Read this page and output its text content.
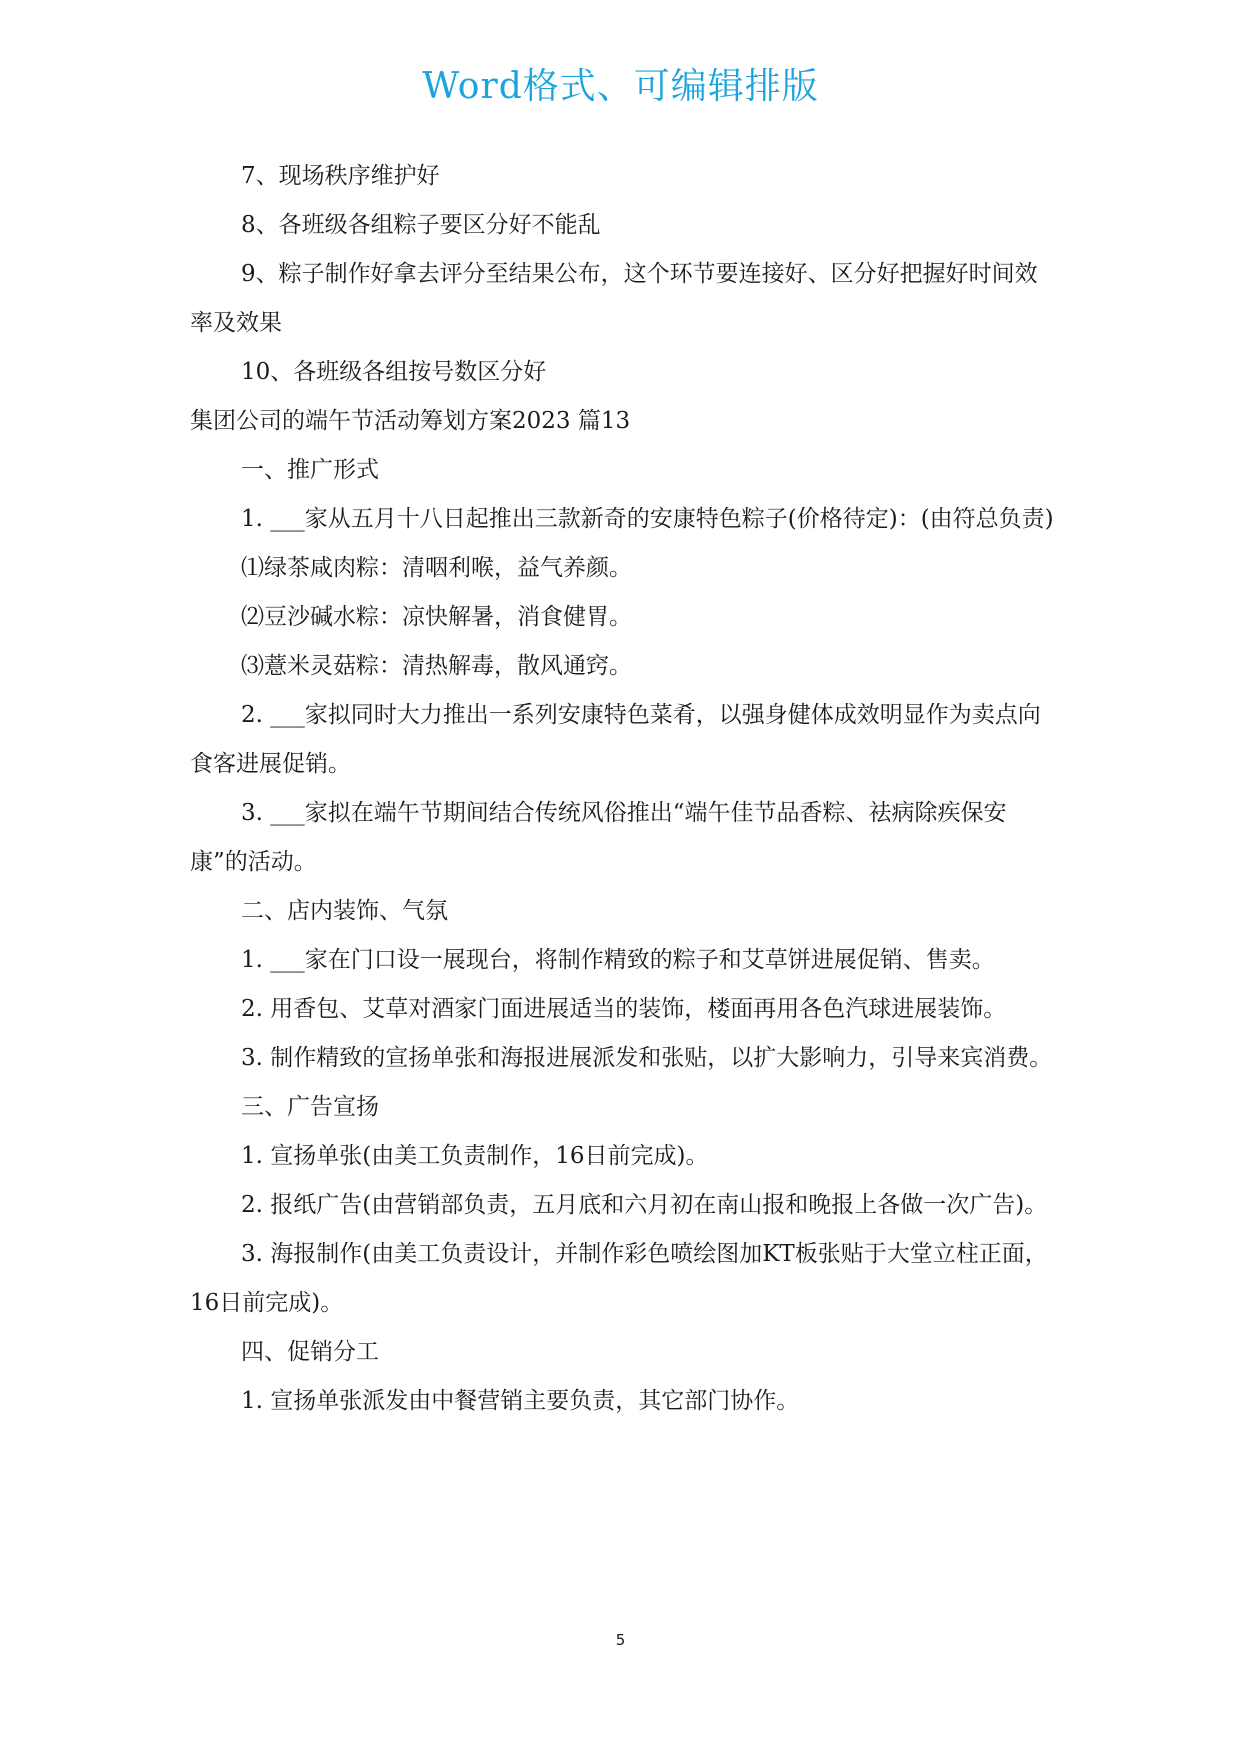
Word格式、可编辑排版

7、现场秩序维护好

8、各班级各组粽子要区分好不能乱

9、粽子制作好拿去评分至结果公布，这个环节要连接好、区分好把握好时间效率及效果

10、各班级各组按号数区分好

集团公司的端午节活动筹划方案2023 篇13

一、推广形式

1. ___家从五月十八日起推出三款新奇的安康特色粽子(价格待定)：(由符总负责)

⑴绿茶咸肉粽：清咽利喉，益气养颜。

⑵豆沙碱水粽：凉快解暑，消食健胃。

⑶薏米灵菇粽：清热解毒，散风通窍。

2. ___家拟同时大力推出一系列安康特色菜肴，以强身健体成效明显作为卖点向食客进展促销。

3. ___家拟在端午节期间结合传统风俗推出“端午佳节品香粽、祛病除疾保安康”的活动。

二、店内装饰、气氛

1. ___家在门口设一展现台，将制作精致的粽子和艾草饼进展促销、售卖。

2. 用香包、艾草对酒家门面进展适当的装饰，楼面再用各色汽球进展装饰。

3. 制作精致的宣扬单张和海报进展派发和张贴，以扩大影响力，引导来宾消费。

三、广告宣扬

1. 宣扬单张(由美工负责制作，16日前完成)。

2. 报纸广告(由营销部负责，五月底和六月初在南山报和晚报上各做一次广告)。

3. 海报制作(由美工负责设计，并制作彩色喷绘图加KT板张贴于大堂立柱正面，16日前完成)。

四、促销分工

1. 宣扬单张派发由中餐营销主要负责，其它部门协作。

5
